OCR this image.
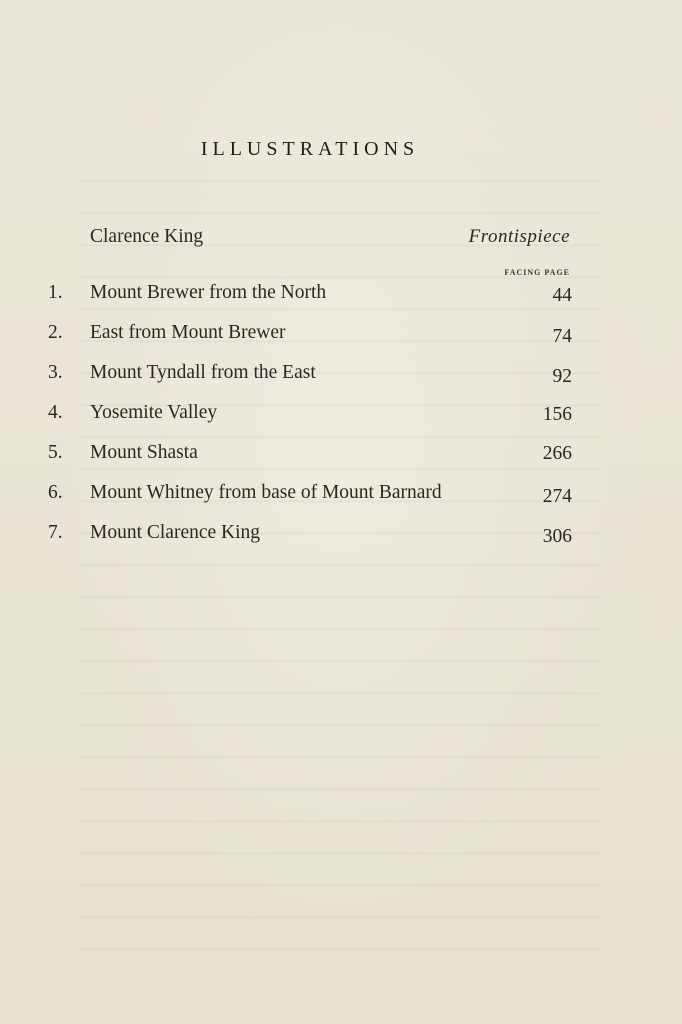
ILLUSTRATIONS
Clarence King	Frontispiece
FACING PAGE
1.	Mount Brewer from the North	44
2.	East from Mount Brewer	74
3.	Mount Tyndall from the East	92
4.	Yosemite Valley	156
5.	Mount Shasta	266
6.	Mount Whitney from base of Mount Barnard	274
7.	Mount Clarence King	306
